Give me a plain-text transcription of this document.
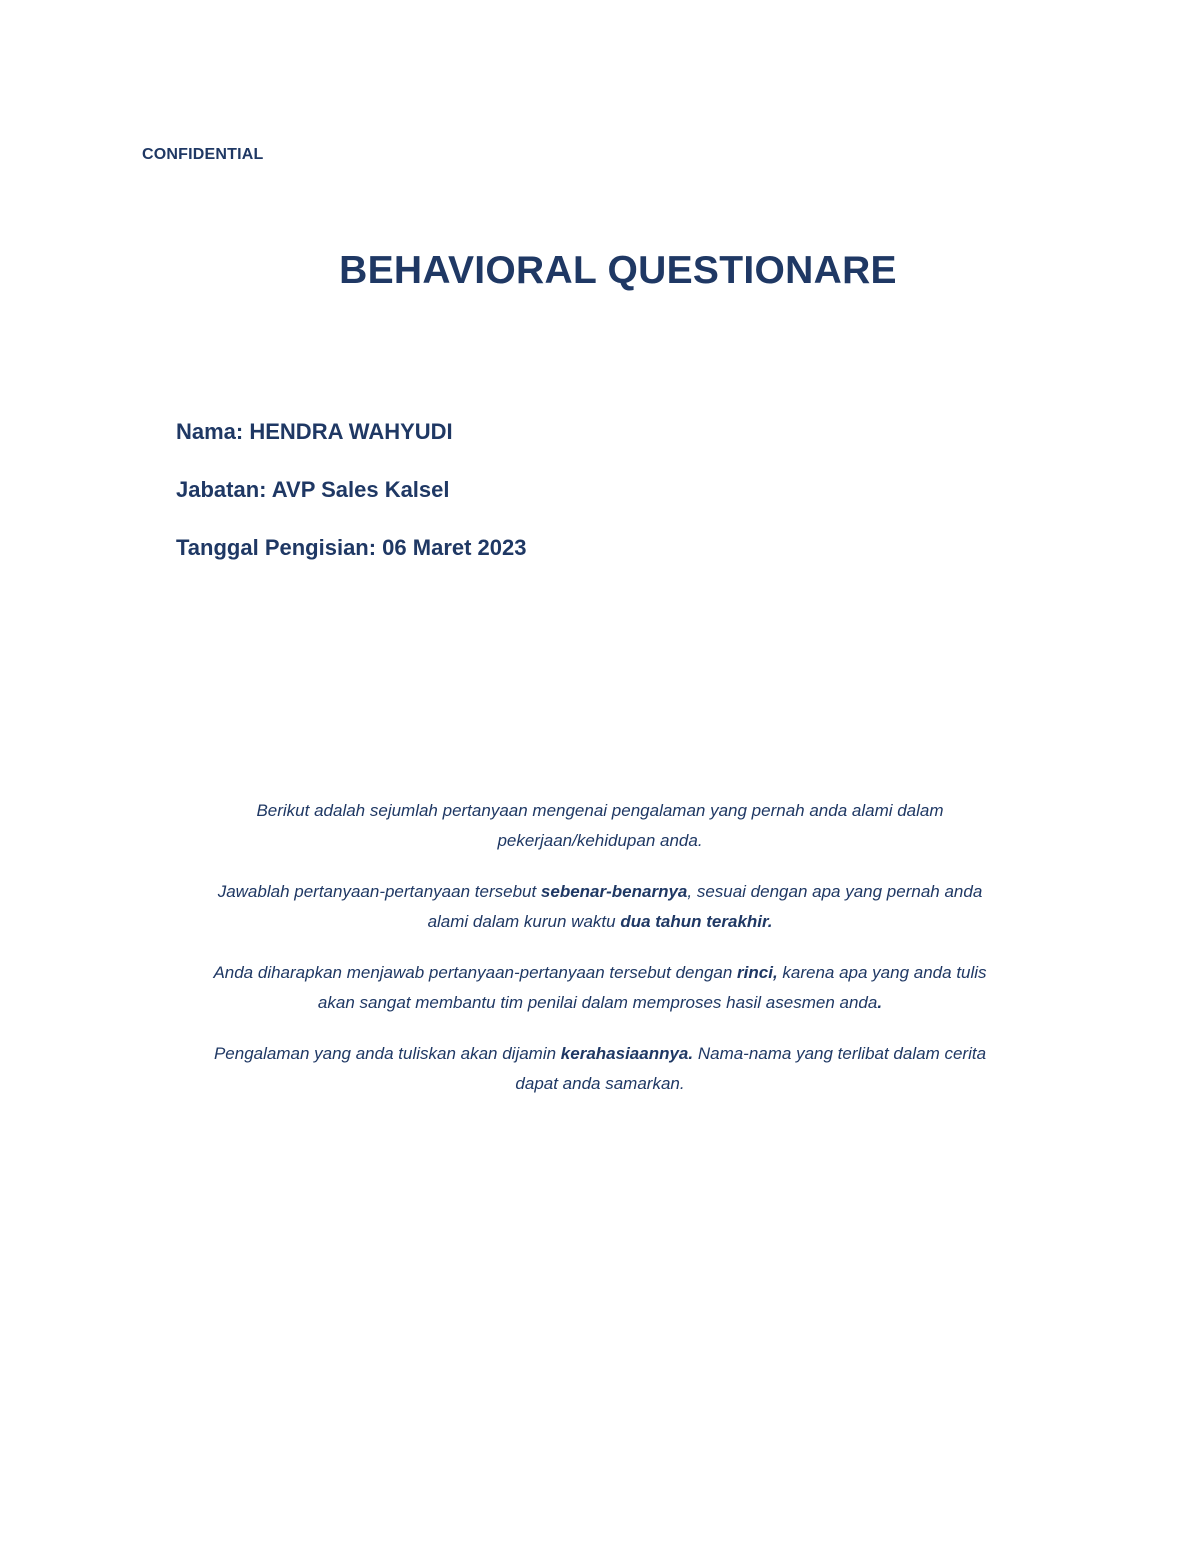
CONFIDENTIAL
BEHAVIORAL QUESTIONARE
Nama: HENDRA WAHYUDI
Jabatan: AVP Sales Kalsel
Tanggal Pengisian: 06 Maret 2023

Berikut adalah sejumlah pertanyaan mengenai pengalaman yang pernah anda alami dalam
pekerjaan/kehidupan anda.

Jawablah pertanyaan-pertanyaan tersebut sebenar-benarnya, sesuai dengan apa yang pernah anda
alami dalam kurun waktu dua tahun terakhir.

Anda diharapkan menjawab pertanyaan-pertanyaan tersebut dengan rinci, karena apa yang anda tulis
akan sangat membantu tim penilai dalam memproses hasil asesmen anda.

Pengalaman yang anda tuliskan akan dijamin kerahasiaannya. Nama-nama yang terlibat dalam cerita
dapat anda samarkan.
